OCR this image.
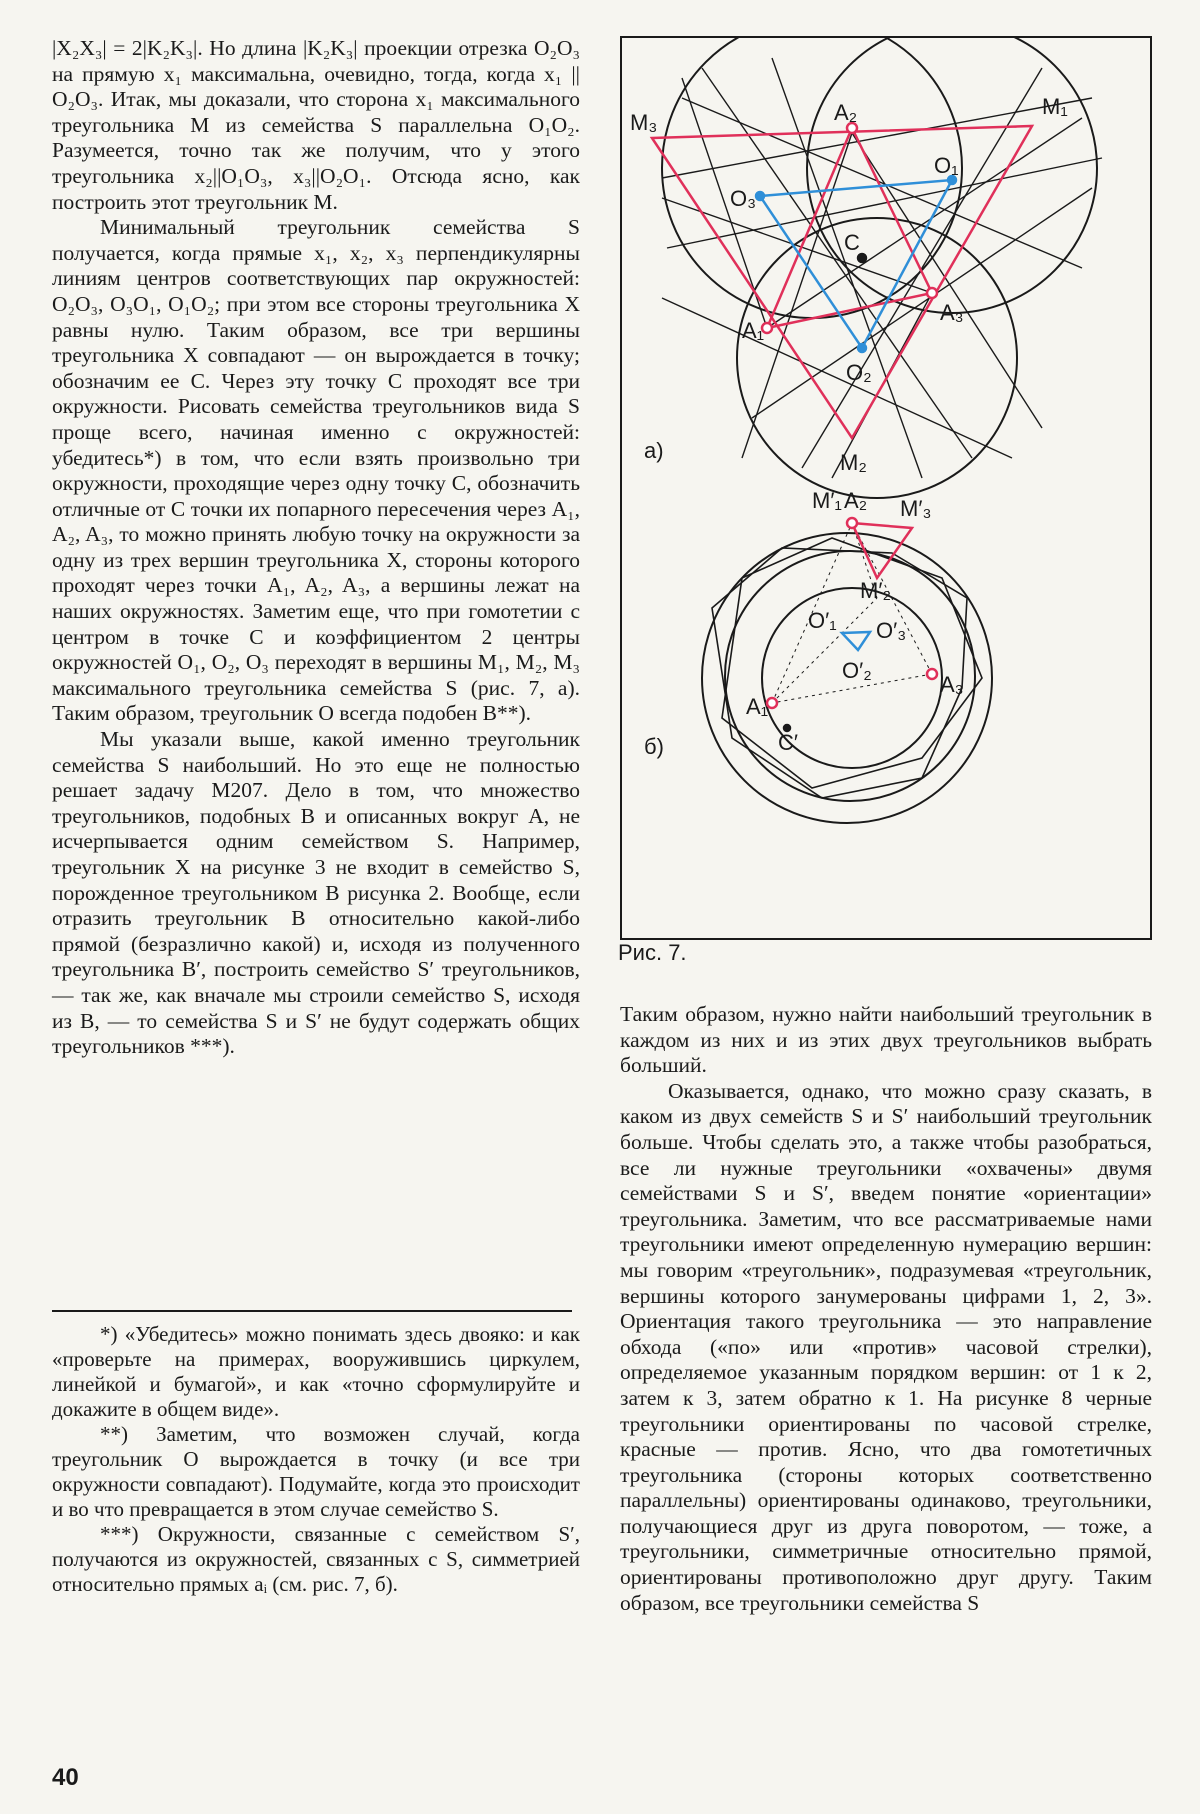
|X₂X₃| = 2|K₂K₃|. Но длина |K₂K₃| проекции отрезка O₂O₃ на прямую x₁ максимальна, очевидно, тогда, когда x₁ || O₂O₃. Итак, мы доказали, что сторона x₁ максимального треугольника M из семейства S параллельна O₁O₂. Разумеется, точно так же получим, что у этого треугольника x₂||O₁O₃, x₃||O₂O₁. Отсюда ясно, как построить этот треугольник M.

Минимальный треугольник семейства S получается, когда прямые x₁, x₂, x₃ перпендикулярны линиям центров соответствующих пар окружностей: O₂O₃, O₃O₁, O₁O₂; при этом все стороны треугольника X равны нулю. Таким образом, все три вершины треугольника X совпадают — он вырождается в точку; обозначим ее C. Через эту точку C проходят все три окружности. Рисовать семейства треугольников вида S проще всего, начиная именно с окружностей: убедитесь*) в том, что если взять произвольно три окружности, проходящие через одну точку C, обозначить отличные от C точки их попарного пересечения через A₁, A₂, A₃, то можно принять любую точку на окружности за одну из трех вершин треугольника X, стороны которого проходят через точки A₁, A₂, A₃, а вершины лежат на наших окружностях. Заметим еще, что при гомотетии с центром в точке C и коэффициентом 2 центры окружностей O₁, O₂, O₃ переходят в вершины M₁, M₂, M₃ максимального треугольника семейства S (рис. 7, а). Таким образом, треугольник O всегда подобен B**).

Мы указали выше, какой именно треугольник семейства S наибольший. Но это еще не полностью решает задачу М207. Дело в том, что множество треугольников, подобных B и описанных вокруг A, не исчерпывается одним семейством S. Например, треугольник X на рисунке 3 не входит в семейство S, порожденное треугольником B рисунка 2. Вообще, если отразить треугольник B относительно какой-либо прямой (безразлично какой) и, исходя из полученного треугольника B′, построить семейство S′ треугольников, — так же, как вначале мы строили семейство S, исходя из B, — то семейства S и S′ не будут содержать общих треугольников ***).

*) «Убедитесь» можно понимать здесь двояко: и как «проверьте на примерах, вооружившись циркулем, линейкой и бумагой», и как «точно сформулируйте и докажите в общем виде».

**) Заметим, что возможен случай, когда треугольник O вырождается в точку (и все три окружности совпадают). Подумайте, когда это происходит и во что превращается в этом случае семейство S.

***) Окружности, связанные с семейством S′, получаются из окружностей, связанных с S, симметрией относительно прямых aᵢ (см. рис. 7, б).

M₃
M₁
A₂
O₁
O₃
C
A₁
A₃
O₂
M₂
а)
M′₁ A₂ M′₃
M′₂
O′₁ O′₃
O′₂
A₃
A₁
C′
б)
Рис. 7.

Таким образом, нужно найти наибольший треугольник в каждом из них и из этих двух треугольников выбрать больший.

Оказывается, однако, что можно сразу сказать, в каком из двух семейств S и S′ наибольший треугольник больше. Чтобы сделать это, а также чтобы разобраться, все ли нужные треугольники «охвачены» двумя семействами S и S′, введем понятие «ориентации» треугольника. Заметим, что все рассматриваемые нами треугольники имеют определенную нумерацию вершин: мы говорим «треугольник», подразумевая «треугольник, вершины которого занумерованы цифрами 1, 2, 3». Ориентация такого треугольника — это направление обхода («по» или «против» часовой стрелки), определяемое указанным порядком вершин: от 1 к 2, затем к 3, затем обратно к 1. На рисунке 8 черные треугольники ориентированы по часовой стрелке, красные — против. Ясно, что два гомотетичных треугольника (стороны которых соответственно параллельны) ориентированы одинаково, треугольники, получающиеся друг из друга поворотом, — тоже, а треугольники, симметричные относительно прямой, ориентированы противоположно друг другу. Таким образом, все треугольники семейства S

40
